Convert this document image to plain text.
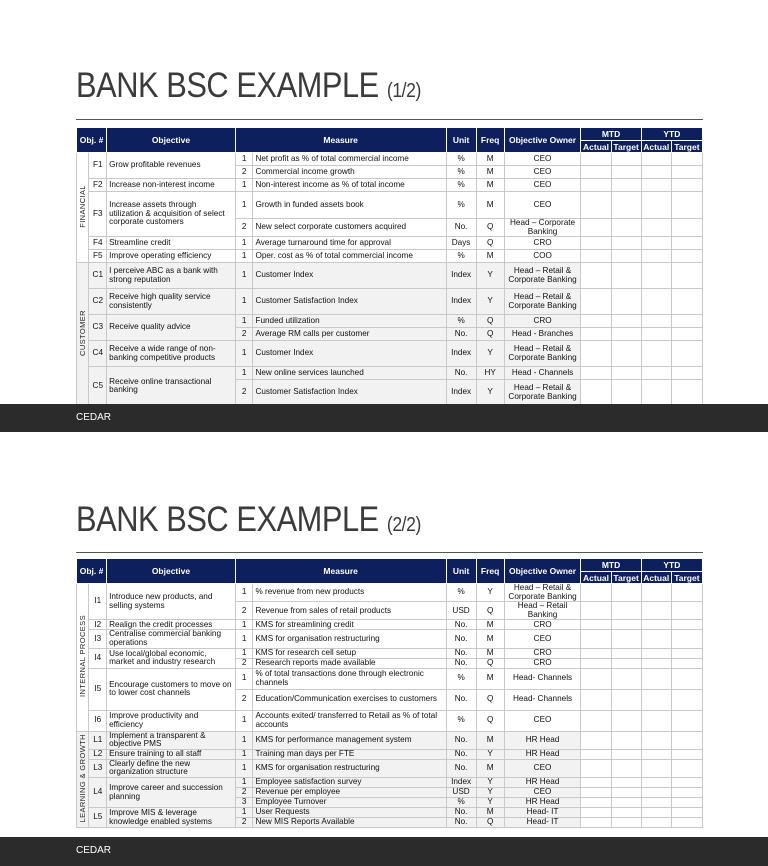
BANK BSC EXAMPLE (1/2)
Obj. #		Objective	Measure		Unit	Freq	Objective Owner	MTD		YTD	
								Actual	Target	Actual	Target
FINANCIAL	F1	Grow profitable revenues	1	Net profit as % of total commercial income	%	M	CEO				
			2	Commercial income growth	%	M	CEO				
	F2	Increase non-interest income	1	Non-interest income as % of total income	%	M	CEO				
	F3	Increase assets through utilization & acquisition of select corporate customers	1	Growth in funded assets book	%	M	CEO				
			2	New select corporate customers acquired	No.	Q	Head – Corporate Banking				
	F4	Streamline credit	1	Average turnaround time for approval	Days	Q	CRO				
	F5	Improve operating efficiency	1	Oper. cost as % of total commercial income	%	M	COO				
CUSTOMER	C1	I perceive ABC as a bank with strong reputation	1	Customer Index	Index	Y	Head – Retail & Corporate Banking				
	C2	Receive high quality service consistently	1	Customer Satisfaction Index	Index	Y	Head – Retail & Corporate Banking				
	C3	Receive quality advice	1	Funded utilization	%	Q	CRO				
			2	Average RM calls per customer	No.	Q	Head - Branches				
	C4	Receive a wide range of non-banking competitive products	1	Customer Index	Index	Y	Head – Retail & Corporate Banking				
	C5	Receive online transactional banking	1	New online services launched	No.	HY	Head - Channels				
			2	Customer Satisfaction Index	Index	Y	Head – Retail & Corporate Banking				
CEDAR
BANK BSC EXAMPLE (2/2)
Obj. #		Objective	Measure		Unit	Freq	Objective Owner	MTD		YTD	
								Actual	Target	Actual	Target
INTERNAL PROCESS	I1	Introduce new products, and selling systems	1	% revenue from new products	%	Y	Head – Retail & Corporate Banking				
			2	Revenue from sales of retail products	USD	Q	Head – Retail Banking				
	I2	Realign the credit processes	1	KMS for streamlining credit	No.	M	CRO				
	I3	Centralise commercial banking operations	1	KMS for organisation restructuring	No.	M	CEO				
	I4	Use local/global economic, market and industry research	1	KMS for research cell setup	No.	M	CRO				
			2	Research reports made available	No.	Q	CRO				
	I5	Encourage customers to move on to lower cost channels	1	% of total transactions done through electronic channels	%	M	Head- Channels				
			2	Education/Communication exercises to customers	No.	Q	Head- Channels				
	I6	Improve productivity and efficiency	1	Accounts exited/ transferred to Retail as % of total accounts	%	Q	CEO				
LEARNING & GROWTH	L1	Implement a transparent & objective PMS	1	KMS for performance management system	No.	M	HR Head				
	L2	Ensure training to all staff	1	Training man days per FTE	No.	Y	HR Head				
	L3	Clearly define the new organization structure	1	KMS for organisation restructuring	No.	M	CEO				
	L4	Improve career and succession planning	1	Employee satisfaction survey	Index	Y	HR Head				
			2	Revenue per employee	USD	Y	CEO				
			3	Employee Turnover	%	Y	HR Head				
	L5	Improve MIS & leverage knowledge enabled systems	1	User Requests	No.	M	Head- IT				
			2	New MIS Reports Available	No.	Q	Head- IT				
CEDAR
